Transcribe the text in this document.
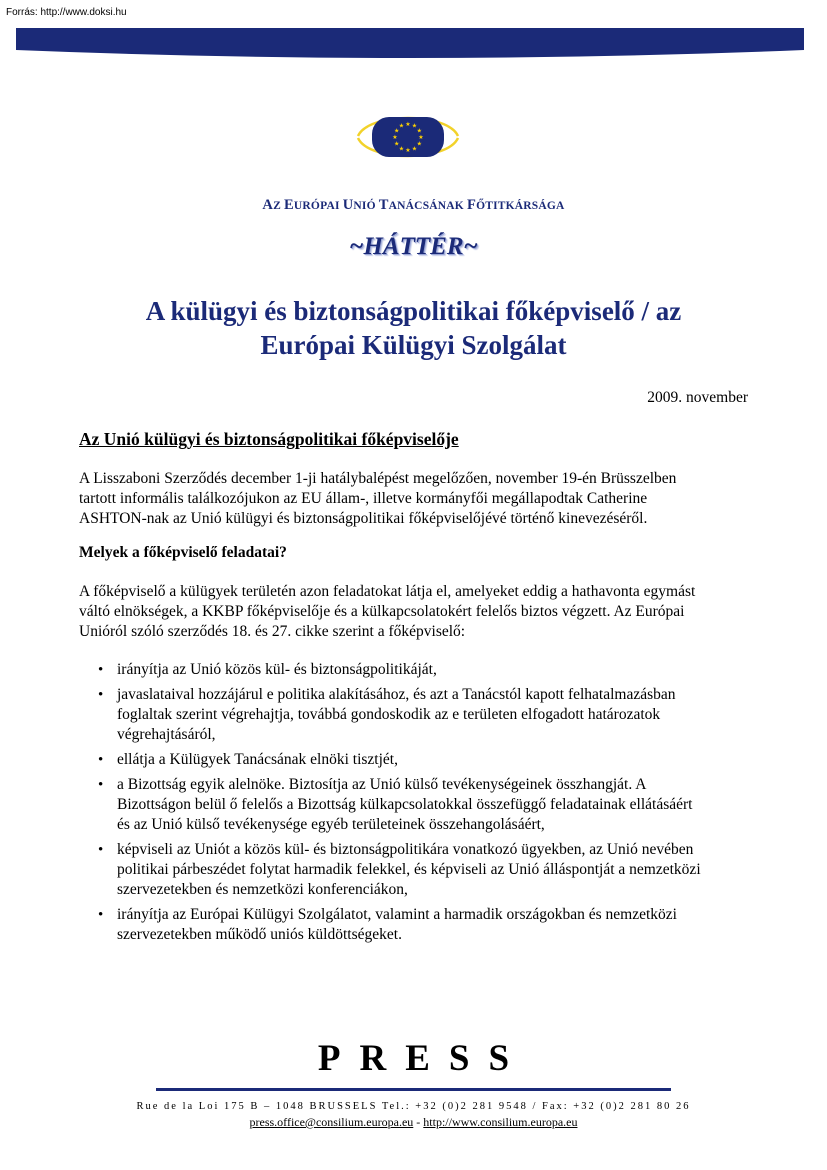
Forrás: http://www.doksi.hu
★
★
★
★
★
★
★
★
★ ★ ★
★
AZ EURÓPAI UNIÓ TANÁCSÁNAK FŐTITKÁRSÁGA
~HÁTTÉR~
A külügyi és biztonságpolitikai főképviselő / az
Európai Külügyi Szolgálat
2009. november
Az Unió külügyi és biztonságpolitikai főképviselője

A Lisszaboni Szerződés december 1-ji hatálybalépést megelőzően, november 19-én Brüsszelben
tartott informális találkozójukon az EU állam-, illetve kormányfői megállapodtak Catherine
ASHTON-nak az Unió külügyi és biztonságpolitikai főképviselőjévé történő kinevezéséről.

Melyek a főképviselő feladatai?

A főképviselő a külügyek területén azon feladatokat látja el, amelyeket eddig a hathavonta egymást
váltó elnökségek, a KKBP főképviselője és a külkapcsolatokért felelős biztos végzett. Az Európai
Unióról szóló szerződés 18. és 27. cikke szerint a főképviselő:

• irányítja az Unió közös kül- és biztonságpolitikáját,
• javaslataival hozzájárul e politika alakításához, és azt a Tanácstól kapott felhatalmazásban
foglaltak szerint végrehajtja, továbbá gondoskodik az e területen elfogadott határozatok
végrehajtásáról,
• ellátja a Külügyek Tanácsának elnöki tisztjét,
• a Bizottság egyik alelnöke. Biztosítja az Unió külső tevékenységeinek összhangját. A
Bizottságon belül ő felelős a Bizottság külkapcsolatokkal összefüggő feladatainak ellátásáért
és az Unió külső tevékenysége egyéb területeinek összehangolásáért,
• képviseli az Uniót a közös kül- és biztonságpolitikára vonatkozó ügyekben, az Unió nevében
politikai párbeszédet folytat harmadik felekkel, és képviseli az Unió álláspontját a nemzetközi
szervezetekben és nemzetközi konferenciákon,
• irányítja az Európai Külügyi Szolgálatot, valamint a harmadik országokban és nemzetközi
szervezetekben működő uniós küldöttségeket.
PRESS
Rue de la Loi 175 B – 1048 BRUSSELS Tel.: +32 (0)2 281 9548 / Fax: +32 (0)2 281 80 26
press.office@consilium.europa.eu - http://www.consilium.europa.eu
